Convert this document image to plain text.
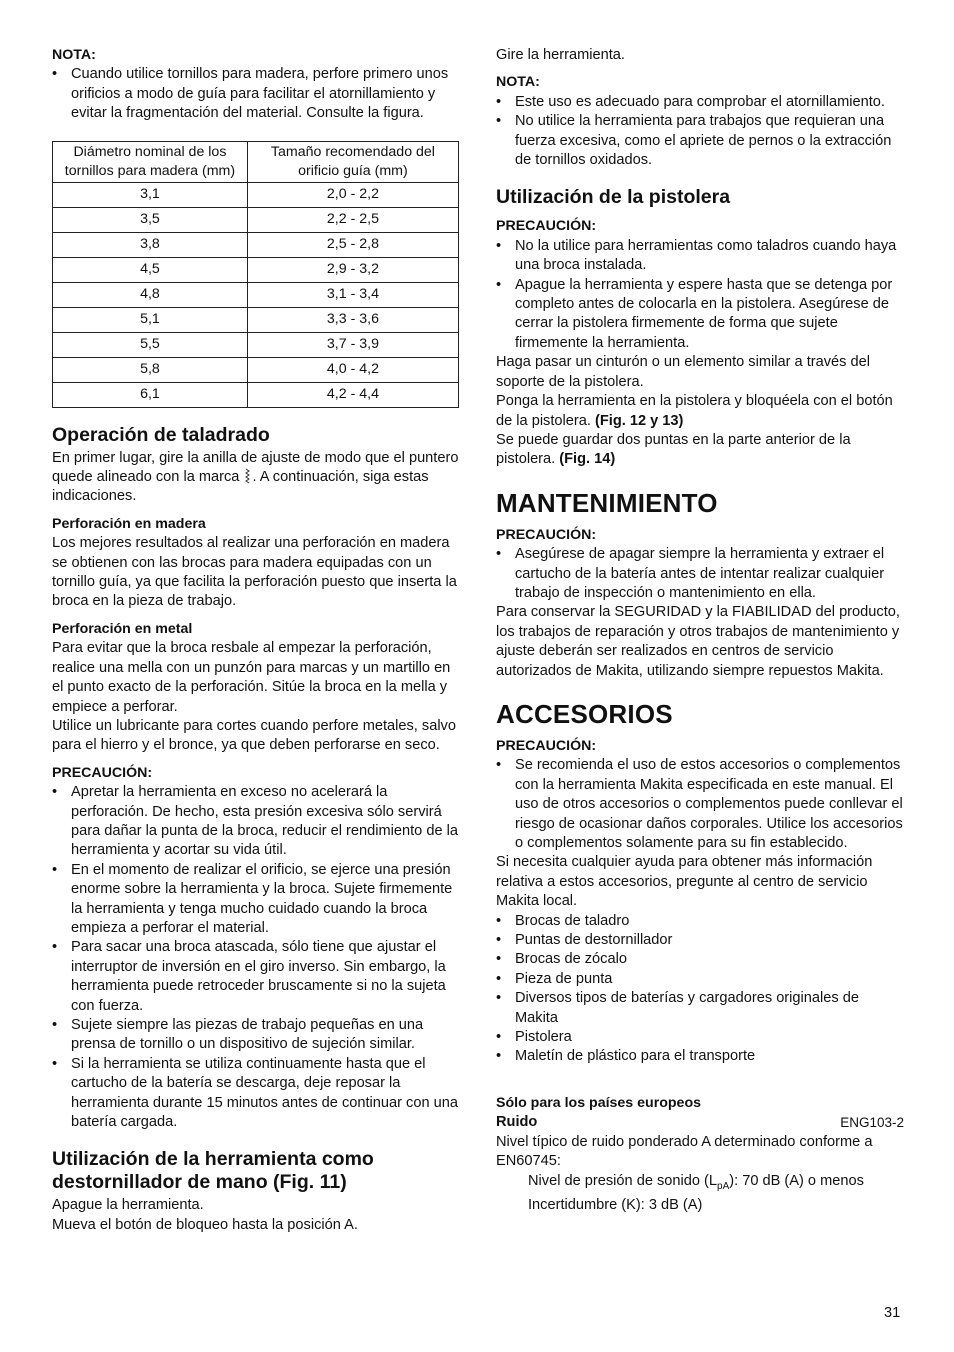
NOTA:

• Cuando utilice tornillos para madera, perfore primero unos orificios a modo de guía para facilitar el atornillamiento y evitar la fragmentación del material. Consulte la figura.
Diámetro nominal de los tornillos para madera (mm)	Tamaño recomendado del orificio guía (mm)
3,1	2,0 - 2,2
3,5	2,2 - 2,5
3,8	2,5 - 2,8
4,5	2,9 - 3,2
4,8	3,1 - 3,4
5,1	3,3 - 3,6
5,5	3,7 - 3,9
5,8	4,0 - 4,2
6,1	4,2 - 4,4
Operación de taladrado

En primer lugar, gire la anilla de ajuste de modo que el puntero quede alineado con la marca . A continuación, siga estas indicaciones.

Perforación en madera

Los mejores resultados al realizar una perforación en madera se obtienen con las brocas para madera equipadas con un tornillo guía, ya que facilita la perforación puesto que inserta la broca en la pieza de trabajo.

Perforación en metal

Para evitar que la broca resbale al empezar la perforación, realice una mella con un punzón para marcas y un martillo en el punto exacto de la perforación. Sitúe la broca en la mella y empiece a perforar.

Utilice un lubricante para cortes cuando perfore metales, salvo para el hierro y el bronce, ya que deben perforarse en seco.

PRECAUCIÓN:

• Apretar la herramienta en exceso no acelerará la perforación. De hecho, esta presión excesiva sólo servirá para dañar la punta de la broca, reducir el rendimiento de la herramienta y acortar su vida útil.
• En el momento de realizar el orificio, se ejerce una presión enorme sobre la herramienta y la broca. Sujete firmemente la herramienta y tenga mucho cuidado cuando la broca empieza a perforar el material.
• Para sacar una broca atascada, sólo tiene que ajustar el interruptor de inversión en el giro inverso. Sin embargo, la herramienta puede retroceder bruscamente si no la sujeta con fuerza.
• Sujete siempre las piezas de trabajo pequeñas en una prensa de tornillo o un dispositivo de sujeción similar.
• Si la herramienta se utiliza continuamente hasta que el cartucho de la batería se descarga, deje reposar la herramienta durante 15 minutos antes de continuar con una batería cargada.
Utilización de la herramienta como destornillador de mano (Fig. 11)

Apague la herramienta.

Mueva el botón de bloqueo hasta la posición A.

Gire la herramienta.

NOTA:

• Este uso es adecuado para comprobar el atornillamiento.
• No utilice la herramienta para trabajos que requieran una fuerza excesiva, como el apriete de pernos o la extracción de tornillos oxidados.
Utilización de la pistolera

PRECAUCIÓN:

• No la utilice para herramientas como taladros cuando haya una broca instalada.
• Apague la herramienta y espere hasta que se detenga por completo antes de colocarla en la pistolera. Asegúrese de cerrar la pistolera firmemente de forma que sujete firmemente la herramienta.

Haga pasar un cinturón o un elemento similar a través del soporte de la pistolera.

Ponga la herramienta en la pistolera y bloquéela con el botón de la pistolera. (Fig. 12 y 13)

Se puede guardar dos puntas en la parte anterior de la pistolera. (Fig. 14)

MANTENIMIENTO

PRECAUCIÓN:

• Asegúrese de apagar siempre la herramienta y extraer el cartucho de la batería antes de intentar realizar cualquier trabajo de inspección o mantenimiento en ella.

Para conservar la SEGURIDAD y la FIABILIDAD del producto, los trabajos de reparación y otros trabajos de mantenimiento y ajuste deberán ser realizados en centros de servicio autorizados de Makita, utilizando siempre repuestos Makita.

ACCESORIOS

PRECAUCIÓN:

• Se recomienda el uso de estos accesorios o complementos con la herramienta Makita especificada en este manual. El uso de otros accesorios o complementos puede conllevar el riesgo de ocasionar daños corporales. Utilice los accesorios o complementos solamente para su fin establecido.

Si necesita cualquier ayuda para obtener más información relativa a estos accesorios, pregunte al centro de servicio Makita local.

• Brocas de taladro
• Puntas de destornillador
• Brocas de zócalo
• Pieza de punta
• Diversos tipos de baterías y cargadores originales de Makita
• Pistolera
• Maletín de plástico para el transporte

Sólo para los países europeos

Ruido	ENG103-2

Nivel típico de ruido ponderado A determinado conforme a EN60745:

Nivel de presión de sonido $(L_{pA})$: 70 dB (A) o menos

Incertidumbre (K): 3 dB (A)

31
